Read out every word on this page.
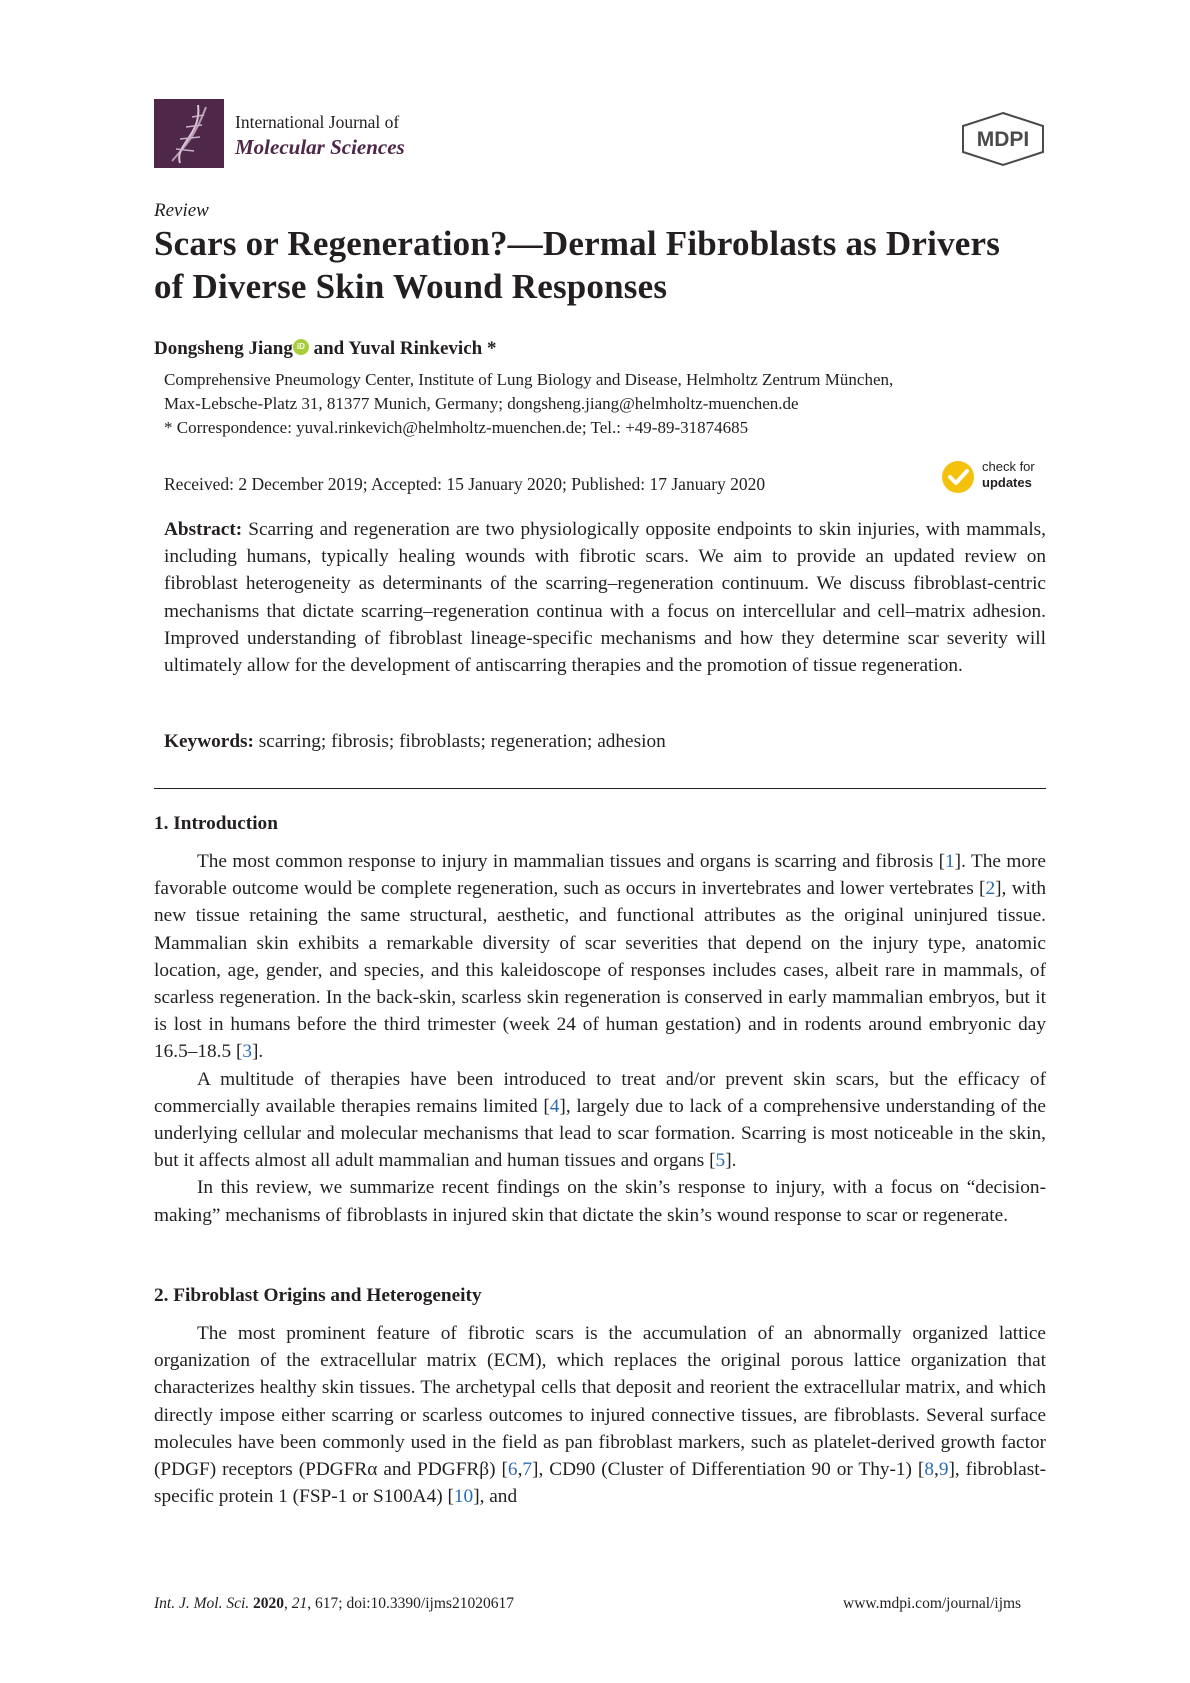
International Journal of
Molecular Sciences	MDPI
Review
Scars or Regeneration?—Dermal Fibroblasts as Drivers of Diverse Skin Wound Responses
Dongsheng Jiang iD and Yuval Rinkevich *
Comprehensive Pneumology Center, Institute of Lung Biology and Disease, Helmholtz Zentrum München,
Max-Lebsche-Platz 31, 81377 Munich, Germany; dongsheng.jiang@helmholtz-muenchen.de
* Correspondence: yuval.rinkevich@helmholtz-muenchen.de; Tel.: +49-89-31874685
Received: 2 December 2019; Accepted: 15 January 2020; Published: 17 January 2020
check for
updates
Abstract: Scarring and regeneration are two physiologically opposite endpoints to skin injuries, with mammals, including humans, typically healing wounds with fibrotic scars. We aim to provide an updated review on fibroblast heterogeneity as determinants of the scarring–regeneration continuum. We discuss fibroblast-centric mechanisms that dictate scarring–regeneration continua with a focus on intercellular and cell–matrix adhesion. Improved understanding of fibroblast lineage-specific mechanisms and how they determine scar severity will ultimately allow for the development of antiscarring therapies and the promotion of tissue regeneration.
Keywords: scarring; fibrosis; fibroblasts; regeneration; adhesion
1. Introduction

The most common response to injury in mammalian tissues and organs is scarring and fibrosis [1]. The more favorable outcome would be complete regeneration, such as occurs in invertebrates and lower vertebrates [2], with new tissue retaining the same structural, aesthetic, and functional attributes as the original uninjured tissue. Mammalian skin exhibits a remarkable diversity of scar severities that depend on the injury type, anatomic location, age, gender, and species, and this kaleidoscope of responses includes cases, albeit rare in mammals, of scarless regeneration. In the back-skin, scarless skin regeneration is conserved in early mammalian embryos, but it is lost in humans before the third trimester (week 24 of human gestation) and in rodents around embryonic day 16.5–18.5 [3].

A multitude of therapies have been introduced to treat and/or prevent skin scars, but the efficacy of commercially available therapies remains limited [4], largely due to lack of a comprehensive understanding of the underlying cellular and molecular mechanisms that lead to scar formation. Scarring is most noticeable in the skin, but it affects almost all adult mammalian and human tissues and organs [5].

In this review, we summarize recent findings on the skin’s response to injury, with a focus on “decision-making” mechanisms of fibroblasts in injured skin that dictate the skin’s wound response to scar or regenerate.

2. Fibroblast Origins and Heterogeneity

The most prominent feature of fibrotic scars is the accumulation of an abnormally organized lattice organization of the extracellular matrix (ECM), which replaces the original porous lattice organization that characterizes healthy skin tissues. The archetypal cells that deposit and reorient the extracellular matrix, and which directly impose either scarring or scarless outcomes to injured connective tissues, are fibroblasts. Several surface molecules have been commonly used in the field as pan fibroblast markers, such as platelet-derived growth factor (PDGF) receptors (PDGFRα and PDGFRβ) [6,7], CD90 (Cluster of Differentiation 90 or Thy-1) [8,9], fibroblast-specific protein 1 (FSP-1 or S100A4) [10], and

Int. J. Mol. Sci. 2020, 21, 617; doi:10.3390/ijms21020617	www.mdpi.com/journal/ijms
